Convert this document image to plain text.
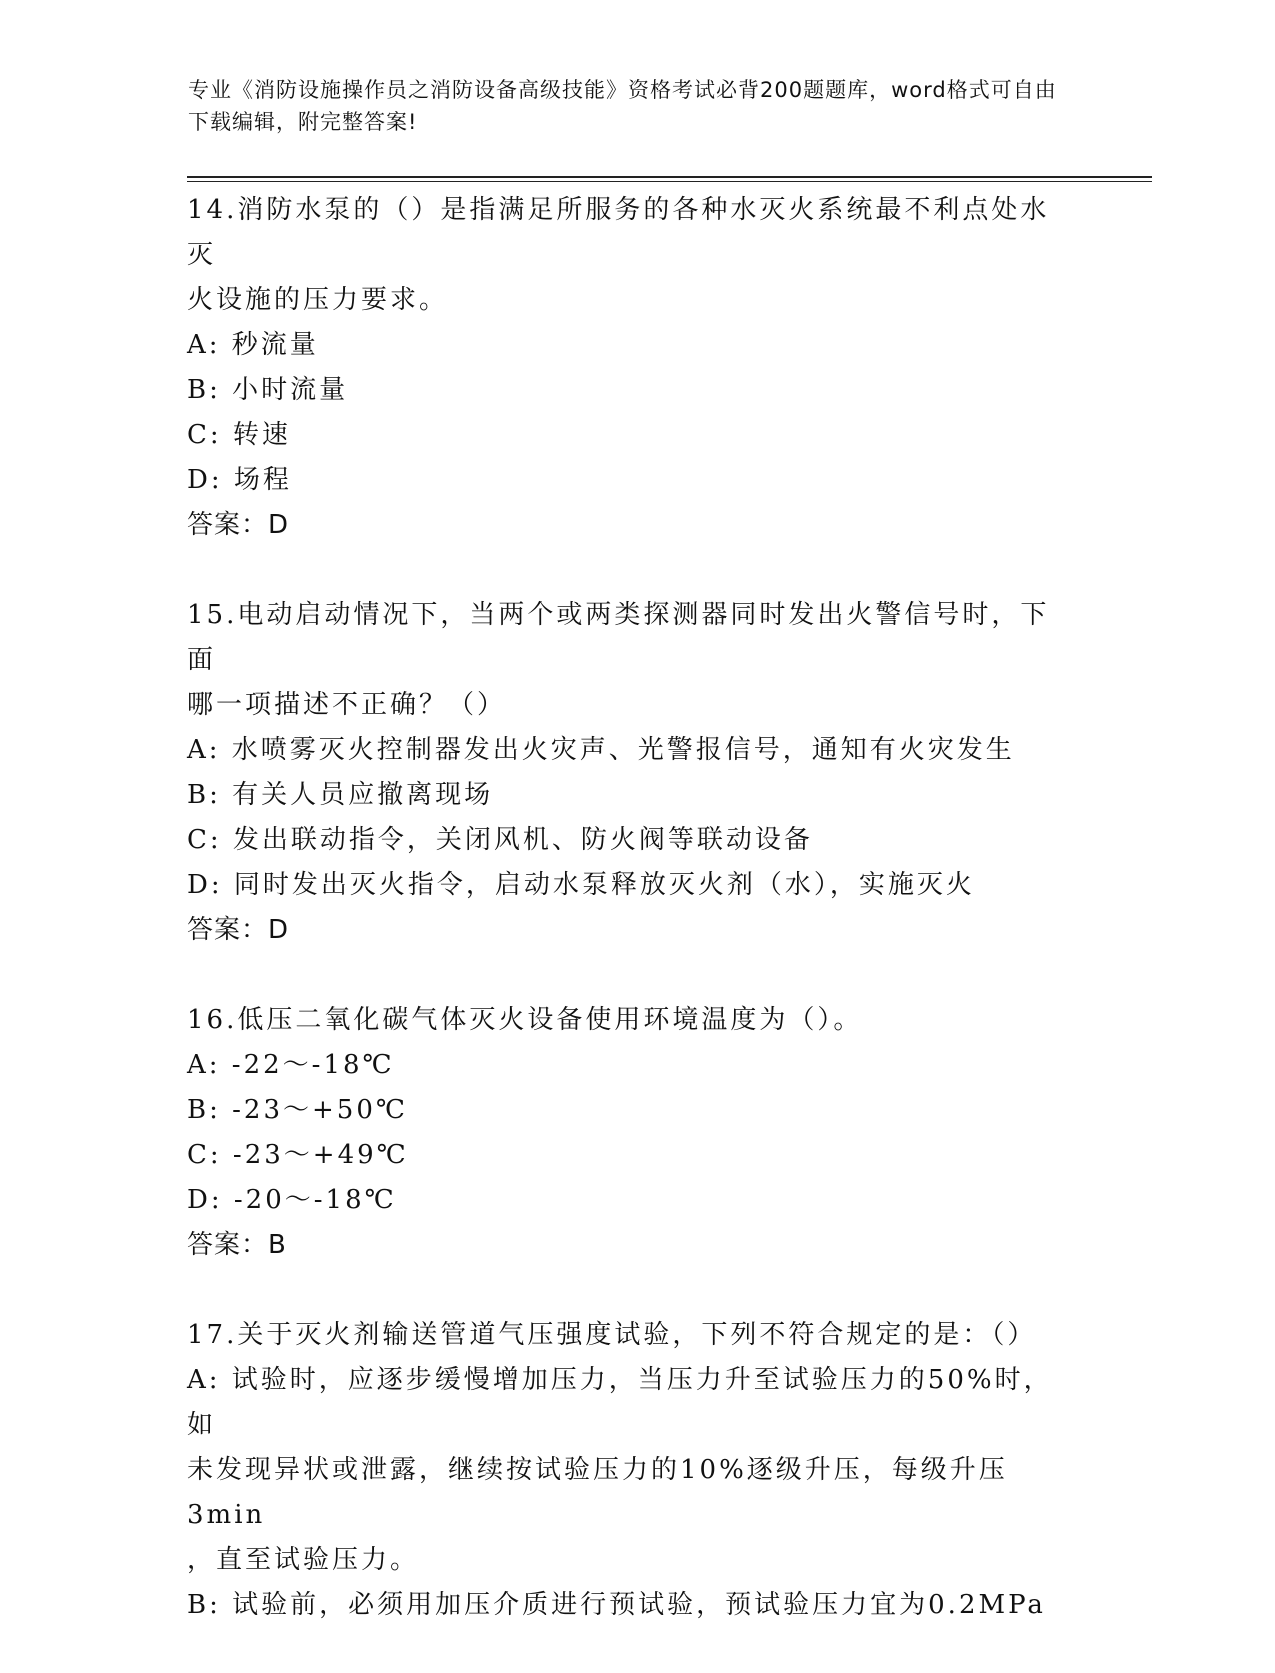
专业《消防设施操作员之消防设备高级技能》资格考试必背200题题库，word格式可自由下载编辑，附完整答案!
14.消防水泵的（）是指满足所服务的各种水灭火系统最不利点处水灭
火设施的压力要求。
A: 秒流量
B: 小时流量
C: 转速
D: 场程
答案：D
15.电动启动情况下，当两个或两类探测器同时发出火警信号时，下面
哪一项描述不正确？（）
A: 水喷雾灭火控制器发出火灾声、光警报信号，通知有火灾发生
B: 有关人员应撤离现场
C: 发出联动指令，关闭风机、防火阀等联动设备
D: 同时发出灭火指令，启动水泵释放灭火剂（水），实施灭火
答案：D
16.低压二氧化碳气体灭火设备使用环境温度为（）。
A: -22～-18℃
B: -23～+50℃
C: -23～+49℃
D: -20～-18℃
答案：B
17.关于灭火剂输送管道气压强度试验，下列不符合规定的是：（）
A: 试验时，应逐步缓慢增加压力，当压力升至试验压力的50%时，如
未发现异状或泄露，继续按试验压力的10%逐级升压，每级升压3min
，直至试验压力。
B: 试验前，必须用加压介质进行预试验，预试验压力宜为0.2MPa
